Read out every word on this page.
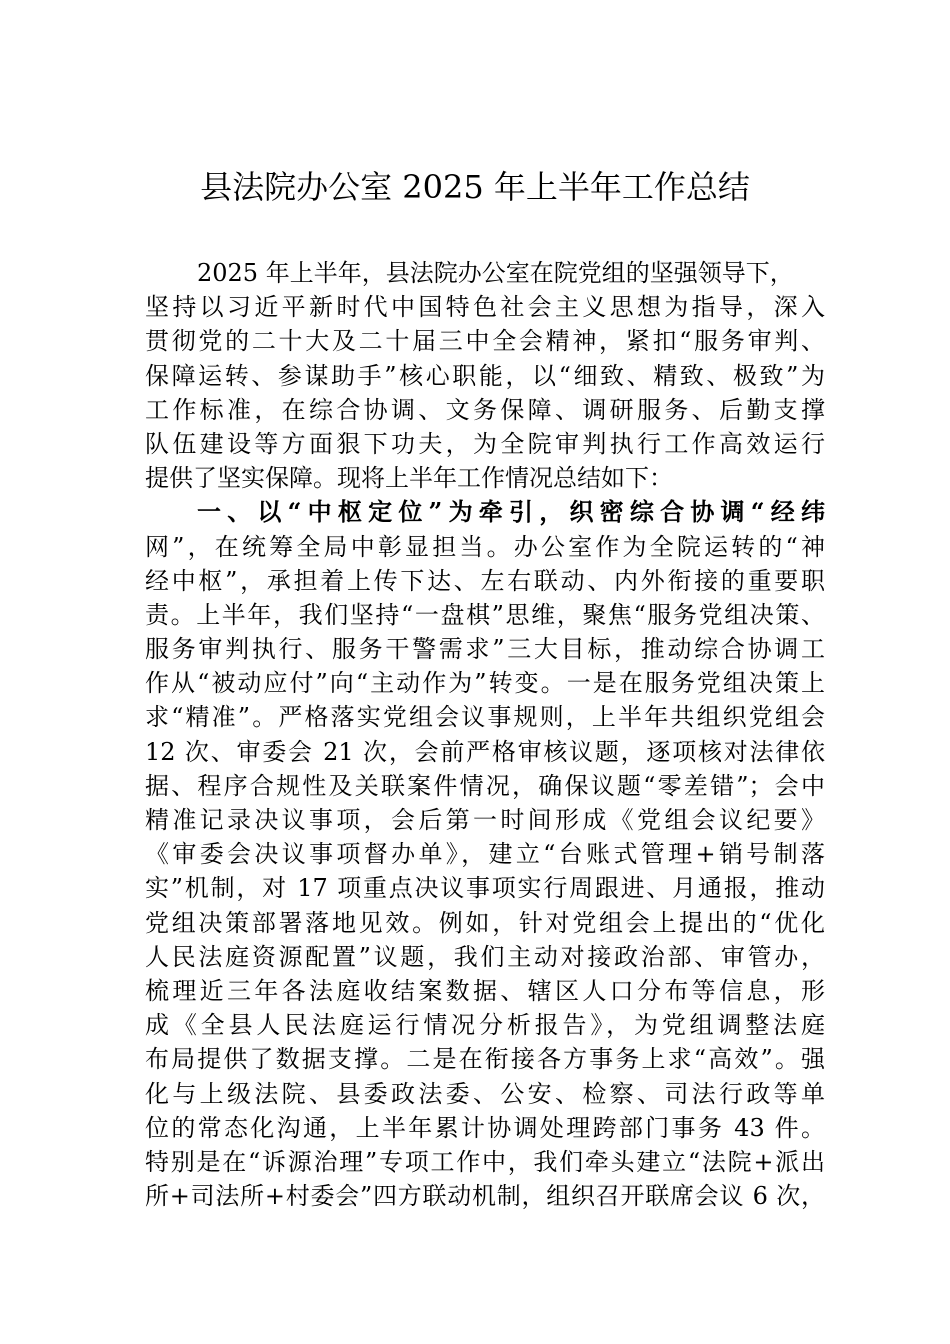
县法院办公室 2025 年上半年工作总结
2025 年上半年，县法院办公室在院党组的坚强领导下，
坚持以习近平新时代中国特色社会主义思想为指导，深入
贯彻党的二十大及二十届三中全会精神，紧扣“服务审判、
保障运转、参谋助手”核心职能，以“细致、精致、极致”为
工作标准，在综合协调、文务保障、调研服务、后勤支撑
队伍建设等方面狠下功夫，为全院审判执行工作高效运行
提供了坚实保障。现将上半年工作情况总结如下：
一、以“中枢定位”为牵引，织密综合协调“经纬
网”，在统筹全局中彰显担当。办公室作为全院运转的“神
经中枢”，承担着上传下达、左右联动、内外衔接的重要职
责。上半年，我们坚持“一盘棋”思维，聚焦“服务党组决策、
服务审判执行、服务干警需求”三大目标，推动综合协调工
作从“被动应付”向“主动作为”转变。一是在服务党组决策上
求“精准”。严格落实党组会议事规则，上半年共组织党组会
12 次、审委会 21 次，会前严格审核议题，逐项核对法律依
据、程序合规性及关联案件情况，确保议题“零差错”；会中
精准记录决议事项，会后第一时间形成《党组会议纪要》
《审委会决议事项督办单》，建立“台账式管理+销号制落
实”机制，对 17 项重点决议事项实行周跟进、月通报，推动
党组决策部署落地见效。例如，针对党组会上提出的“优化
人民法庭资源配置”议题，我们主动对接政治部、审管办，
梳理近三年各法庭收结案数据、辖区人口分布等信息，形
成《全县人民法庭运行情况分析报告》，为党组调整法庭
布局提供了数据支撑。二是在衔接各方事务上求“高效”。强
化与上级法院、县委政法委、公安、检察、司法行政等单
位的常态化沟通，上半年累计协调处理跨部门事务 43 件。
特别是在“诉源治理”专项工作中，我们牵头建立“法院+派出
所+司法所+村委会”四方联动机制，组织召开联席会议 6 次，
